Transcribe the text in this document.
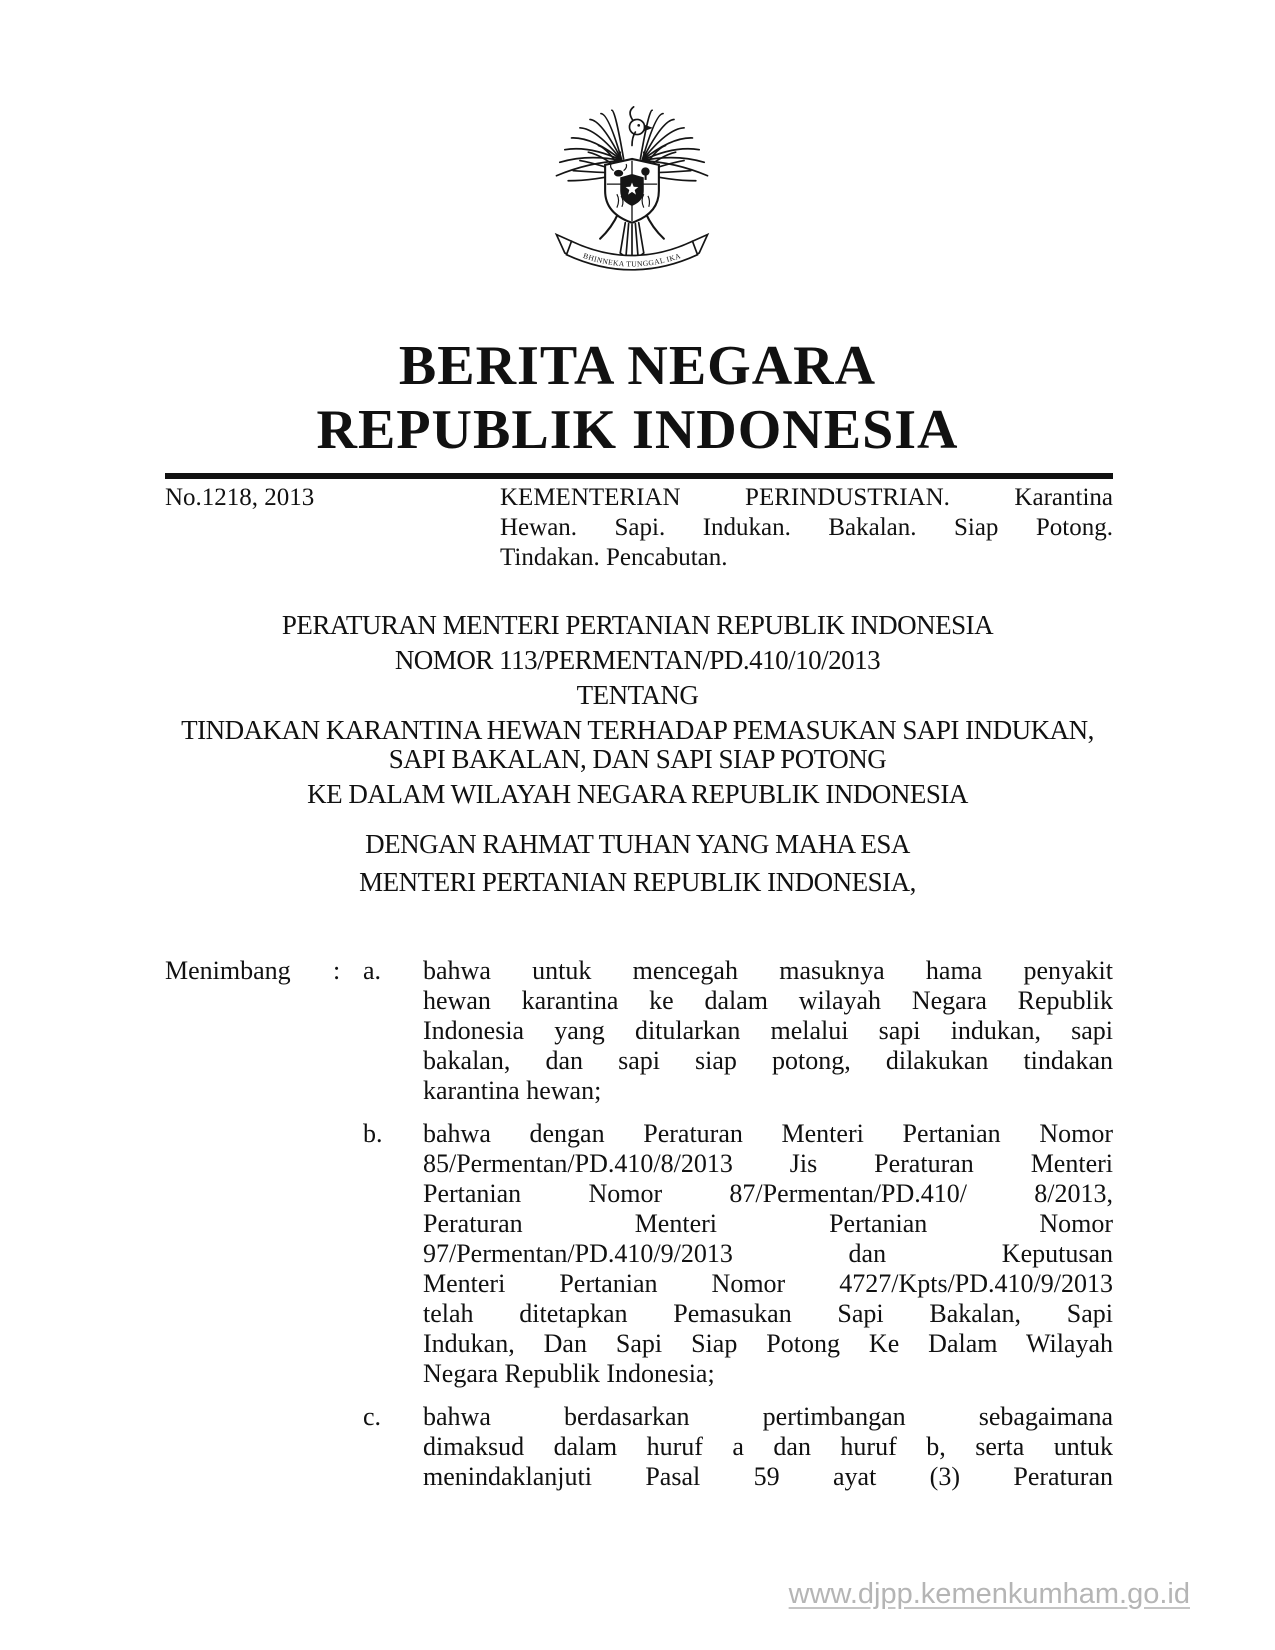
BHINNEKA TUNGGAL IKA
BERITA NEGARA
REPUBLIK INDONESIA
No.1218, 2013	KEMENTERIAN PERINDUSTRIAN. Karantina
Hewan. Sapi. Indukan. Bakalan. Siap Potong.
Tindakan. Pencabutan.
PERATURAN MENTERI PERTANIAN REPUBLIK INDONESIA
NOMOR 113/PERMENTAN/PD.410/10/2013
TENTANG
TINDAKAN KARANTINA HEWAN TERHADAP PEMASUKAN SAPI INDUKAN,
SAPI BAKALAN, DAN SAPI SIAP POTONG
KE DALAM WILAYAH NEGARA REPUBLIK INDONESIA
DENGAN RAHMAT TUHAN YANG MAHA ESA
MENTERI PERTANIAN REPUBLIK INDONESIA,
Menimbang	: a.	bahwa untuk mencegah masuknya hama penyakit
hewan karantina ke dalam wilayah Negara Republik
Indonesia yang ditularkan melalui sapi indukan, sapi
bakalan, dan sapi siap potong, dilakukan tindakan
karantina hewan;
b.	bahwa dengan Peraturan Menteri Pertanian Nomor
85/Permentan/PD.410/8/2013 Jis Peraturan Menteri
Pertanian Nomor 87/Permentan/PD.410/ 8/2013,
Peraturan Menteri Pertanian Nomor
97/Permentan/PD.410/9/2013 dan Keputusan
Menteri Pertanian Nomor 4727/Kpts/PD.410/9/2013
telah ditetapkan Pemasukan Sapi Bakalan, Sapi
Indukan, Dan Sapi Siap Potong Ke Dalam Wilayah
Negara Republik Indonesia;
c.	bahwa berdasarkan pertimbangan sebagaimana
dimaksud dalam huruf a dan huruf b, serta untuk
menindaklanjuti Pasal 59 ayat (3) Peraturan
www.djpp.kemenkumham.go.id
